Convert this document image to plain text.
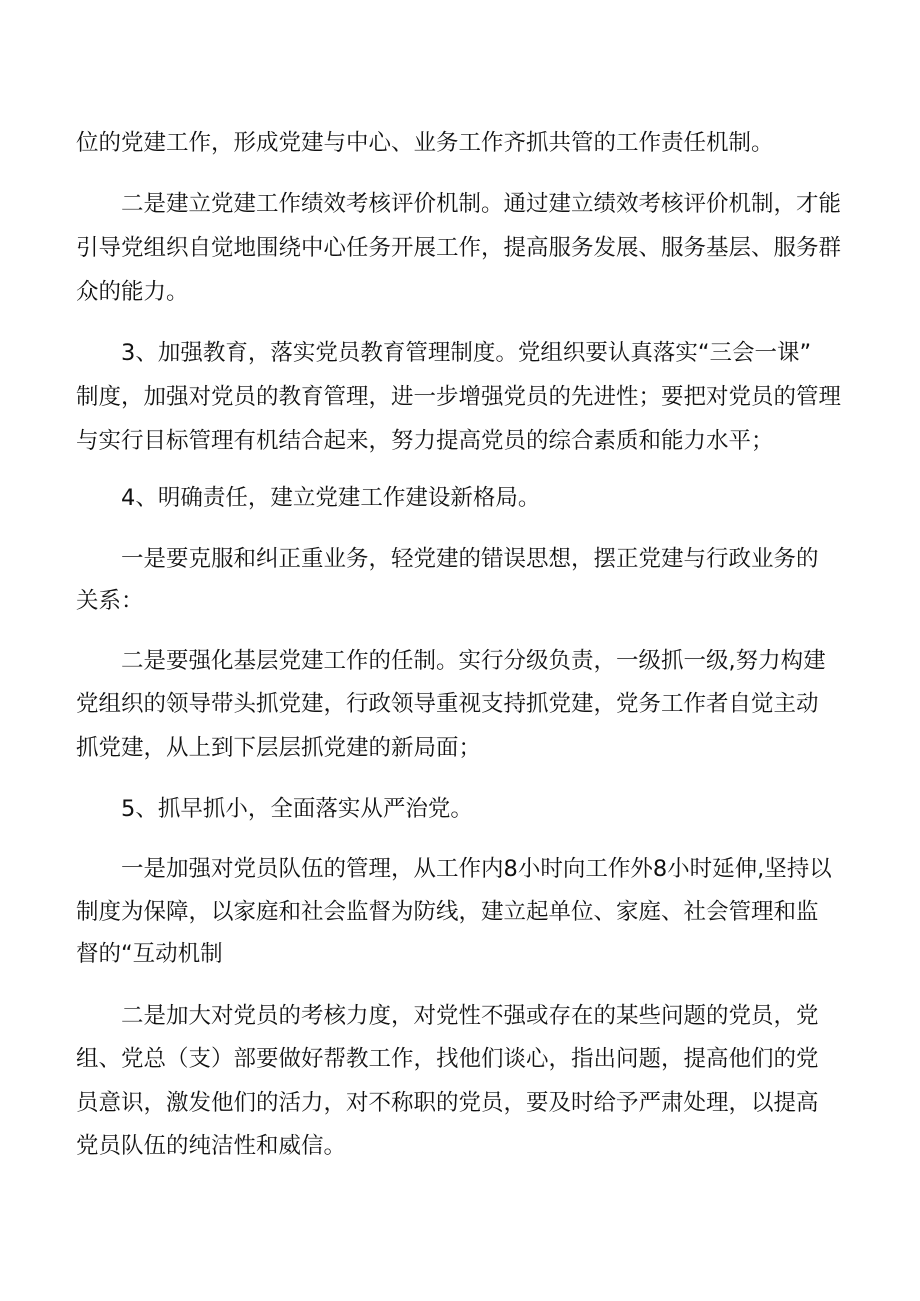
位的党建工作，形成党建与中心、业务工作齐抓共管的工作责任机制。
二是建立党建工作绩效考核评价机制。通过建立绩效考核评价机制，才能
引导党组织自觉地围绕中心任务开展工作，提高服务发展、服务基层、服务群
众的能力。
3、加强教育，落实党员教育管理制度。党组织要认真落实“三会一课”
制度，加强对党员的教育管理，进一步增强党员的先进性；要把对党员的管理
与实行目标管理有机结合起来，努力提高党员的综合素质和能力水平；
4、明确责任，建立党建工作建设新格局。
一是要克服和纠正重业务，轻党建的错误思想，摆正党建与行政业务的
关系：
二是要强化基层党建工作的任制。实行分级负责，一级抓一级,努力构建
党组织的领导带头抓党建，行政领导重视支持抓党建，党务工作者自觉主动
抓党建，从上到下层层抓党建的新局面；
5、抓早抓小，全面落实从严治党。
一是加强对党员队伍的管理，从工作内8小时向工作外8小时延伸,坚持以
制度为保障，以家庭和社会监督为防线，建立起单位、家庭、社会管理和监
督的“互动机制
二是加大对党员的考核力度，对党性不强或存在的某些问题的党员，党
组、党总（支）部要做好帮教工作，找他们谈心，指出问题，提高他们的党
员意识，激发他们的活力，对不称职的党员，要及时给予严肃处理，以提高
党员队伍的纯洁性和威信。
